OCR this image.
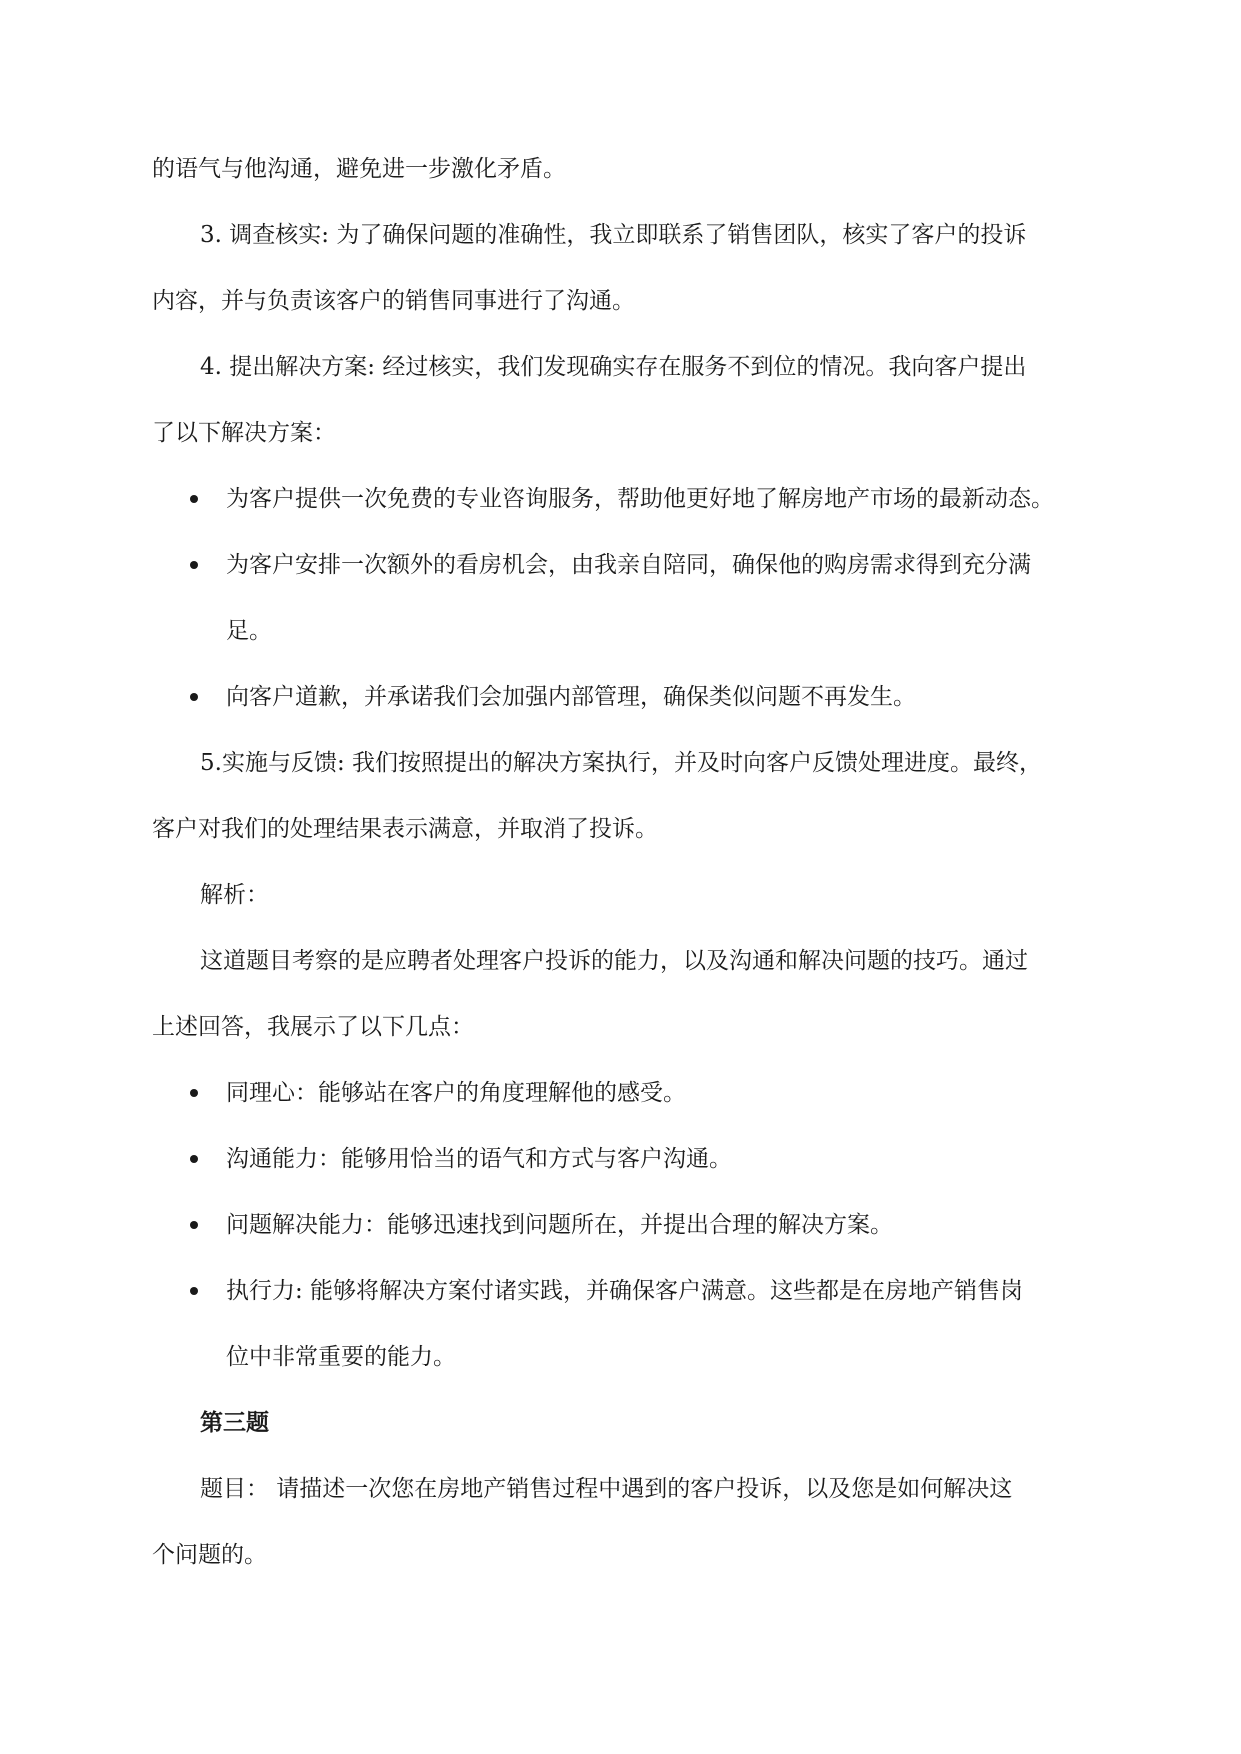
的语气与他沟通，避免进一步激化矛盾。
3. 调查核实: 为了确保问题的准确性，我立即联系了销售团队，核实了客户的投诉
内容，并与负责该客户的销售同事进行了沟通。
4. 提出解决方案: 经过核实，我们发现确实存在服务不到位的情况。我向客户提出
了以下解决方案：
为客户提供一次免费的专业咨询服务，帮助他更好地了解房地产市场的最新动态。
为客户安排一次额外的看房机会，由我亲自陪同，确保他的购房需求得到充分满
足。
向客户道歉，并承诺我们会加强内部管理，确保类似问题不再发生。
5.实施与反馈: 我们按照提出的解决方案执行，并及时向客户反馈处理进度。最终，
客户对我们的处理结果表示满意，并取消了投诉。
解析：
这道题目考察的是应聘者处理客户投诉的能力，以及沟通和解决问题的技巧。通过
上述回答，我展示了以下几点：
同理心：能够站在客户的角度理解他的感受。
沟通能力：能够用恰当的语气和方式与客户沟通。
问题解决能力：能够迅速找到问题所在，并提出合理的解决方案。
执行力: 能够将解决方案付诸实践，并确保客户满意。这些都是在房地产销售岗
位中非常重要的能力。
第三题
题目： 请描述一次您在房地产销售过程中遇到的客户投诉，以及您是如何解决这
个问题的。
